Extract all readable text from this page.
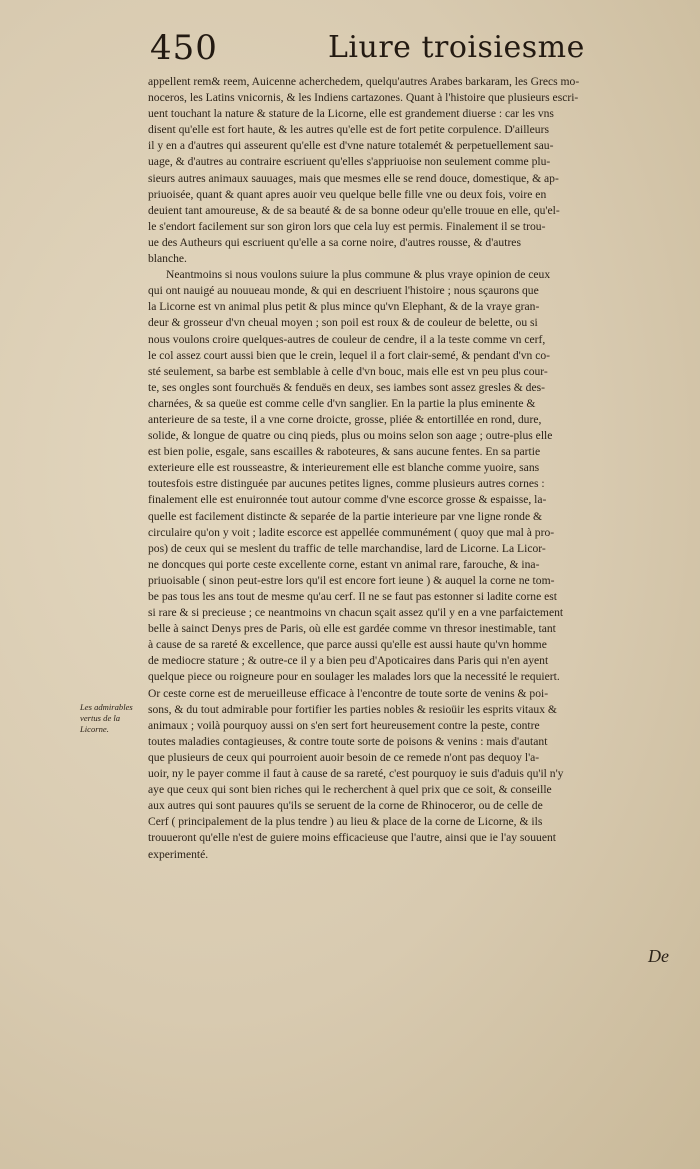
450	Liure troisiesme

appellent rem& reem, Auicenne acherchedem, quelqu'autres Arabes barkaram, les Grecs mo-

noceros, les Latins vnicornis, & les Indiens cartazones. Quant à l'histoire que plusieurs escri-

uent touchant la nature & stature de la Licorne, elle est grandement diuerse : car les vns

disent qu'elle est fort haute, & les autres qu'elle est de fort petite corpulence. D'ailleurs

il y en a d'autres qui asseurent qu'elle est d'vne nature totalemét & perpetuellement sau-

uage, & d'autres au contraire escriuent qu'elles s'appriuoise non seulement comme plu-

sieurs autres animaux sauuages, mais que mesmes elle se rend douce, domestique, & ap-

priuoisée, quant & quant apres auoir veu quelque belle fille vne ou deux fois, voire en

deuient tant amoureuse, & de sa beauté & de sa bonne odeur qu'elle trouue en elle, qu'el-

le s'endort facilement sur son giron lors que cela luy est permis. Finalement il se trou-

ue des Autheurs qui escriuent qu'elle a sa corne noire, d'autres rousse, & d'autres

blanche.

Neantmoins si nous voulons suiure la plus commune & plus vraye opinion de ceux

qui ont nauigé au nouueau monde, & qui en descriuent l'histoire ; nous sçaurons que

la Licorne est vn animal plus petit & plus mince qu'vn Elephant, & de la vraye gran-

deur & grosseur d'vn cheual moyen ; son poil est roux & de couleur de belette, ou si

nous voulons croire quelques-autres de couleur de cendre, il a la teste comme vn cerf,

le col assez court aussi bien que le crein, lequel il a fort clair-semé, & pendant d'vn co-

sté seulement, sa barbe est semblable à celle d'vn bouc, mais elle est vn peu plus cour-

te, ses ongles sont fourchuës & fenduës en deux, ses iambes sont assez gresles & des-

charnées, & sa queüe est comme celle d'vn sanglier. En la partie la plus eminente &

anterieure de sa teste, il a vne corne droicte, grosse, pliée & entortillée en rond, dure,

solide, & longue de quatre ou cinq pieds, plus ou moins selon son aage ; outre-plus elle

est bien polie, esgale, sans escailles & raboteures, & sans aucune fentes. En sa partie

exterieure elle est rousseastre, & interieurement elle est blanche comme yuoire, sans

toutesfois estre distinguée par aucunes petites lignes, comme plusieurs autres cornes :

finalement elle est enuironnée tout autour comme d'vne escorce grosse & espaisse, la-

quelle est facilement distincte & separée de la partie interieure par vne ligne ronde &

circulaire qu'on y voit ; ladite escorce est appellée communément ( quoy que mal à pro-

pos) de ceux qui se meslent du traffic de telle marchandise, lard de Licorne. La Licor-

ne doncques qui porte ceste excellente corne, estant vn animal rare, farouche, & ina-

priuoisable ( sinon peut-estre lors qu'il est encore fort ieune ) & auquel la corne ne tom-

be pas tous les ans tout de mesme qu'au cerf. Il ne se faut pas estonner si ladite corne est

si rare & si precieuse ; ce neantmoins vn chacun sçait assez qu'il y en a vne parfaictement

belle à sainct Denys pres de Paris, où elle est gardée comme vn thresor inestimable, tant

à cause de sa rareté & excellence, que parce aussi qu'elle est aussi haute qu'vn homme

de mediocre stature ; & outre-ce il y a bien peu d'Apoticaires dans Paris qui n'en ayent

quelque piece ou roigneure pour en soulager les malades lors que la necessité le requiert.

Or ceste corne est de merueilleuse efficace à l'encontre de toute sorte de venins & poi-

sons, & du tout admirable pour fortifier les parties nobles & resioüir les esprits vitaux &

animaux ; voilà pourquoy aussi on s'en sert fort heureusement contre la peste, contre

toutes maladies contagieuses, & contre toute sorte de poisons & venins : mais d'autant

que plusieurs de ceux qui pourroient auoir besoin de ce remede n'ont pas dequoy l'a-

uoir, ny le payer comme il faut à cause de sa rareté, c'est pourquoy ie suis d'aduis qu'il n'y

aye que ceux qui sont bien riches qui le recherchent à quel prix que ce soit, & conseille

aux autres qui sont pauures qu'ils se seruent de la corne de Rhinoceror, ou de celle de

Cerf ( principalement de la plus tendre ) au lieu & place de la corne de Licorne, & ils

trouueront qu'elle n'est de guiere moins efficacieuse que l'autre, ainsi que ie l'ay souuent

experimenté.

Les admirables
vertus de la
Licorne.
De
